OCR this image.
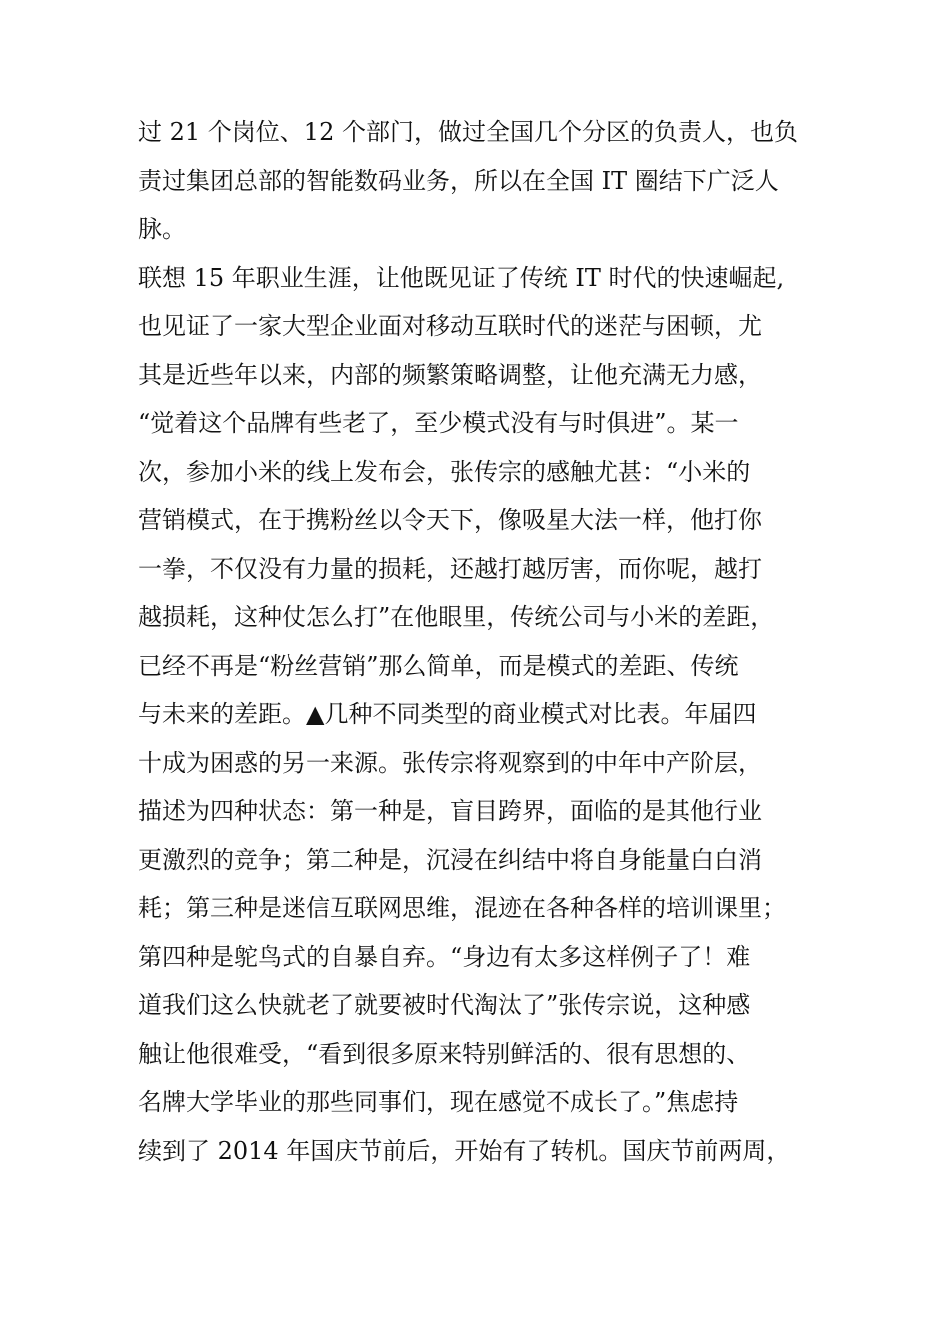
过 21 个岗位、12 个部门，做过全国几个分区的负责人，也负
责过集团总部的智能数码业务，所以在全国 IT 圈结下广泛人
脉。
联想 15 年职业生涯，让他既见证了传统 IT 时代的快速崛起,
也见证了一家大型企业面对移动互联时代的迷茫与困顿，尤
其是近些年以来，内部的频繁策略调整，让他充满无力感，
“觉着这个品牌有些老了，至少模式没有与时俱进”。某一
次，参加小米的线上发布会，张传宗的感触尤甚：“小米的
营销模式，在于携粉丝以令天下，像吸星大法一样，他打你
一拳，不仅没有力量的损耗，还越打越厉害，而你呢，越打
越损耗，这种仗怎么打”在他眼里，传统公司与小米的差距，
已经不再是“粉丝营销”那么简单，而是模式的差距、传统
与未来的差距。▲几种不同类型的商业模式对比表。年届四
十成为困惑的另一来源。张传宗将观察到的中年中产阶层，
描述为四种状态：第一种是，盲目跨界，面临的是其他行业
更激烈的竞争；第二种是，沉浸在纠结中将自身能量白白消
耗；第三种是迷信互联网思维，混迹在各种各样的培训课里；
第四种是鸵鸟式的自暴自弃。“身边有太多这样例子了！难
道我们这么快就老了就要被时代淘汰了”张传宗说，这种感
触让他很难受，“看到很多原来特别鲜活的、很有思想的、
名牌大学毕业的那些同事们，现在感觉不成长了。”焦虑持
续到了 2014 年国庆节前后，开始有了转机。国庆节前两周，
